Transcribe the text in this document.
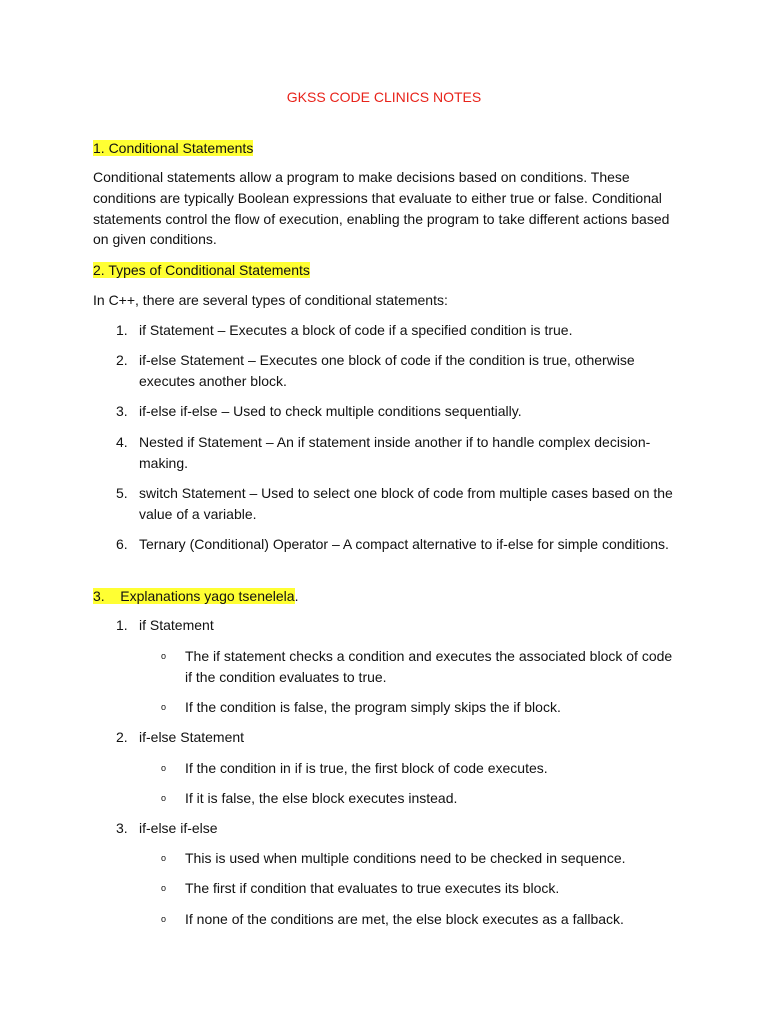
GKSS CODE CLINICS NOTES
1. Conditional Statements

Conditional statements allow a program to make decisions based on conditions. These conditions are typically Boolean expressions that evaluate to either true or false. Conditional statements control the flow of execution, enabling the program to take different actions based on given conditions.

2. Types of Conditional Statements

In C++, there are several types of conditional statements:

1. if Statement – Executes a block of code if a specified condition is true.
2. if-else Statement – Executes one block of code if the condition is true, otherwise executes another block.
3. if-else if-else – Used to check multiple conditions sequentially.
4. Nested if Statement – An if statement inside another if to handle complex decision-making.
5. switch Statement – Used to select one block of code from multiple cases based on the value of a variable.
6. Ternary (Conditional) Operator – A compact alternative to if-else for simple conditions.
3.    Explanations yago tsenelela.
1. if Statement
o The if statement checks a condition and executes the associated block of code if the condition evaluates to true.
o If the condition is false, the program simply skips the if block.
2. if-else Statement
o If the condition in if is true, the first block of code executes.
o If it is false, the else block executes instead.
3. if-else if-else
o This is used when multiple conditions need to be checked in sequence.
o The first if condition that evaluates to true executes its block.
o If none of the conditions are met, the else block executes as a fallback.
